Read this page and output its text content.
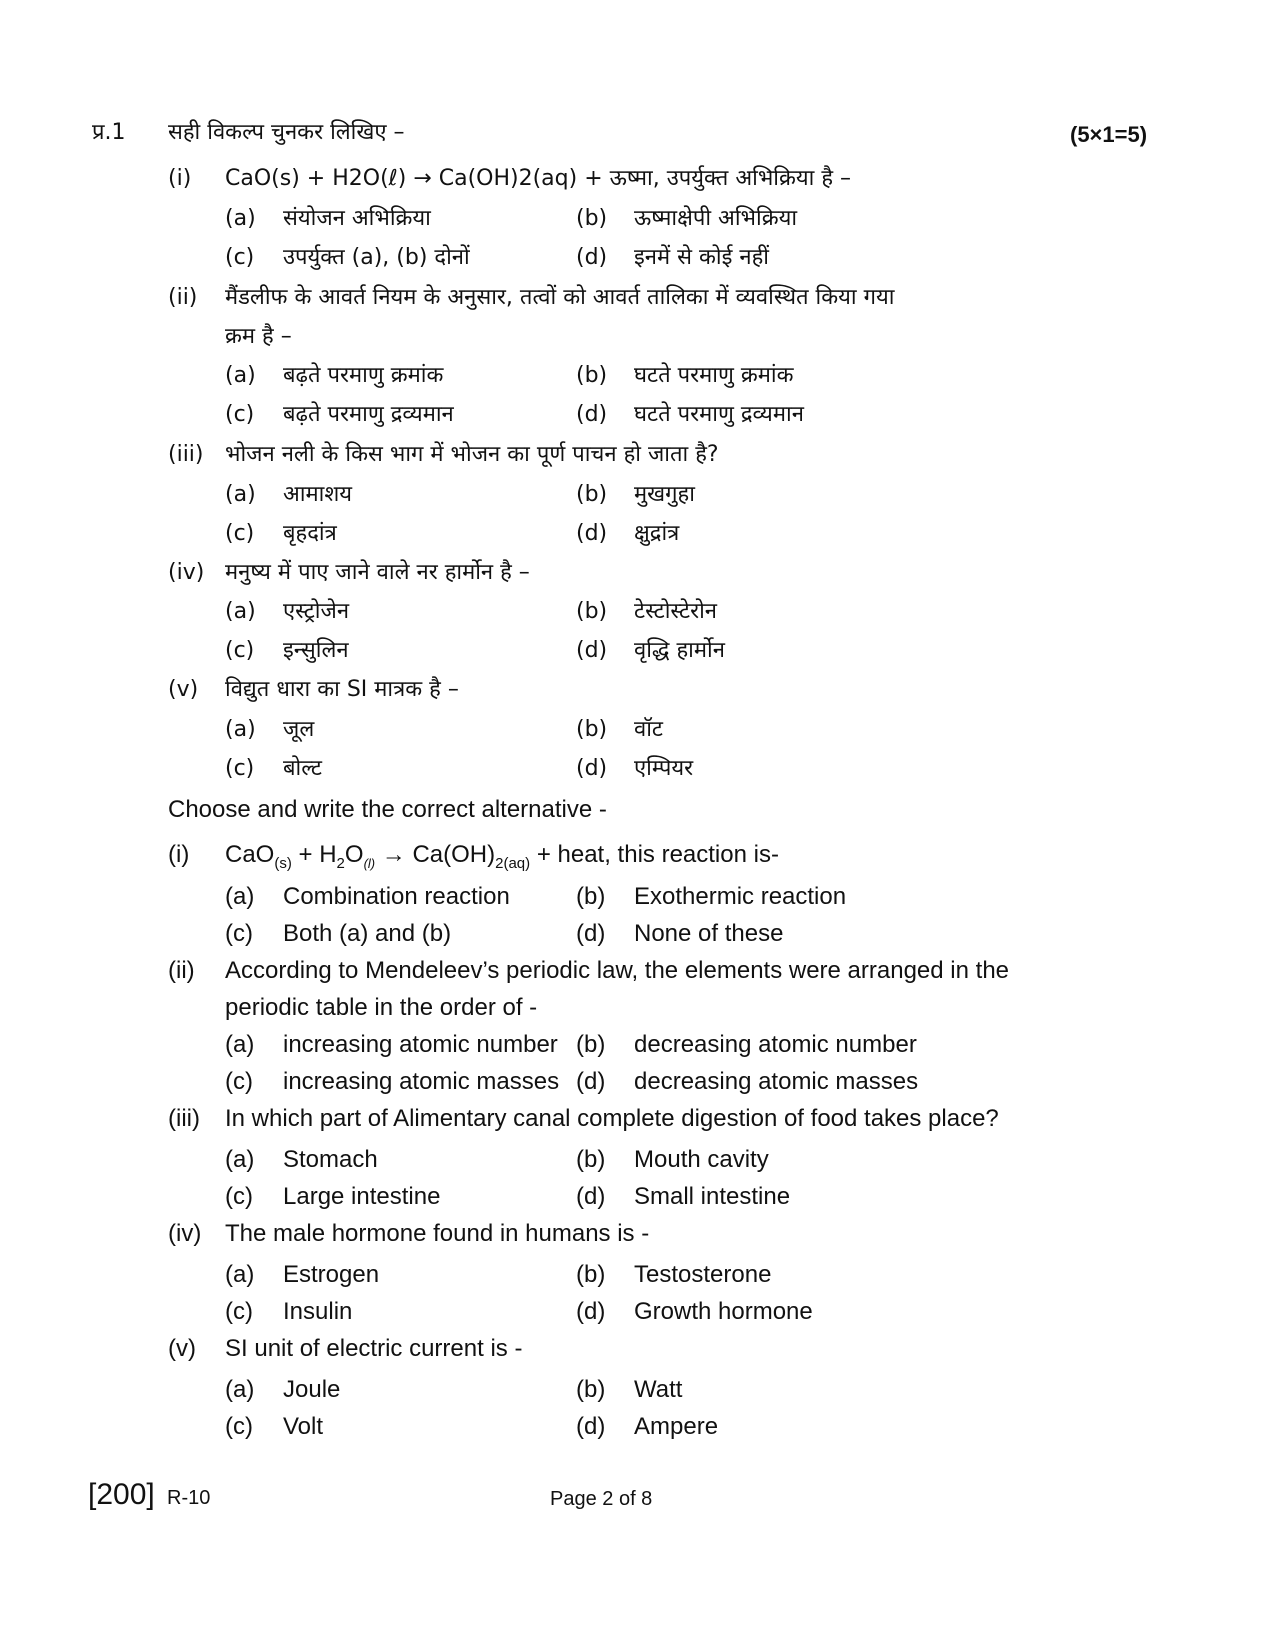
प्र.1 सही विकल्प चुनकर लिखिए –	(5×1=5)
(i) CaO(s) + H2O(ℓ) → Ca(OH)2(aq) + ऊष्मा, उपर्युक्त अभिक्रिया है –
(a) संयोजन अभिक्रिया	(b) ऊष्माक्षेपी अभिक्रिया
(c) उपर्युक्त (a), (b) दोनों	(d) इनमें से कोई नहीं
(ii) मैंडलीफ के आवर्त नियम के अनुसार, तत्वों को आवर्त तालिका में व्यवस्थित किया गया
क्रम है –
(a) बढ़ते परमाणु क्रमांक	(b) घटते परमाणु क्रमांक
(c) बढ़ते परमाणु द्रव्यमान	(d) घटते परमाणु द्रव्यमान
(iii) भोजन नली के किस भाग में भोजन का पूर्ण पाचन हो जाता है?
(a) आमाशय	(b) मुखगुहा
(c) बृहदांत्र	(d) क्षुद्रांत्र
(iv) मनुष्य में पाए जाने वाले नर हार्मोन है –
(a) एस्ट्रोजेन	(b) टेस्टोस्टेरोन
(c) इन्सुलिन	(d) वृद्धि हार्मोन
(v) विद्युत धारा का SI मात्रक है –
(a) जूल	(b) वॉट
(c) बोल्ट	(d) एम्पियर
Choose and write the correct alternative -
(i) $CaO_{(s)} + H_2O_{(l)} \to Ca(OH)_{2(aq)}$ + heat, this reaction is-
(a) Combination reaction	(b) Exothermic reaction
(c) Both (a) and (b)	(d) None of these
(ii) According to Mendeleev’s periodic law, the elements were arranged in the
periodic table in the order of -
(a) increasing atomic number (b) decreasing atomic number
(c) increasing atomic masses (d) decreasing atomic masses
(iii) In which part of Alimentary canal complete digestion of food takes place?
(a) Stomach	(b) Mouth cavity
(c) Large intestine	(d) Small intestine
(iv) The male hormone found in humans is -
(a) Estrogen	(b) Testosterone
(c) Insulin	(d) Growth hormone
(v) SI unit of electric current is -
(a) Joule	(b) Watt
(c) Volt	(d) Ampere
[200] R-10	Page 2 of 8
